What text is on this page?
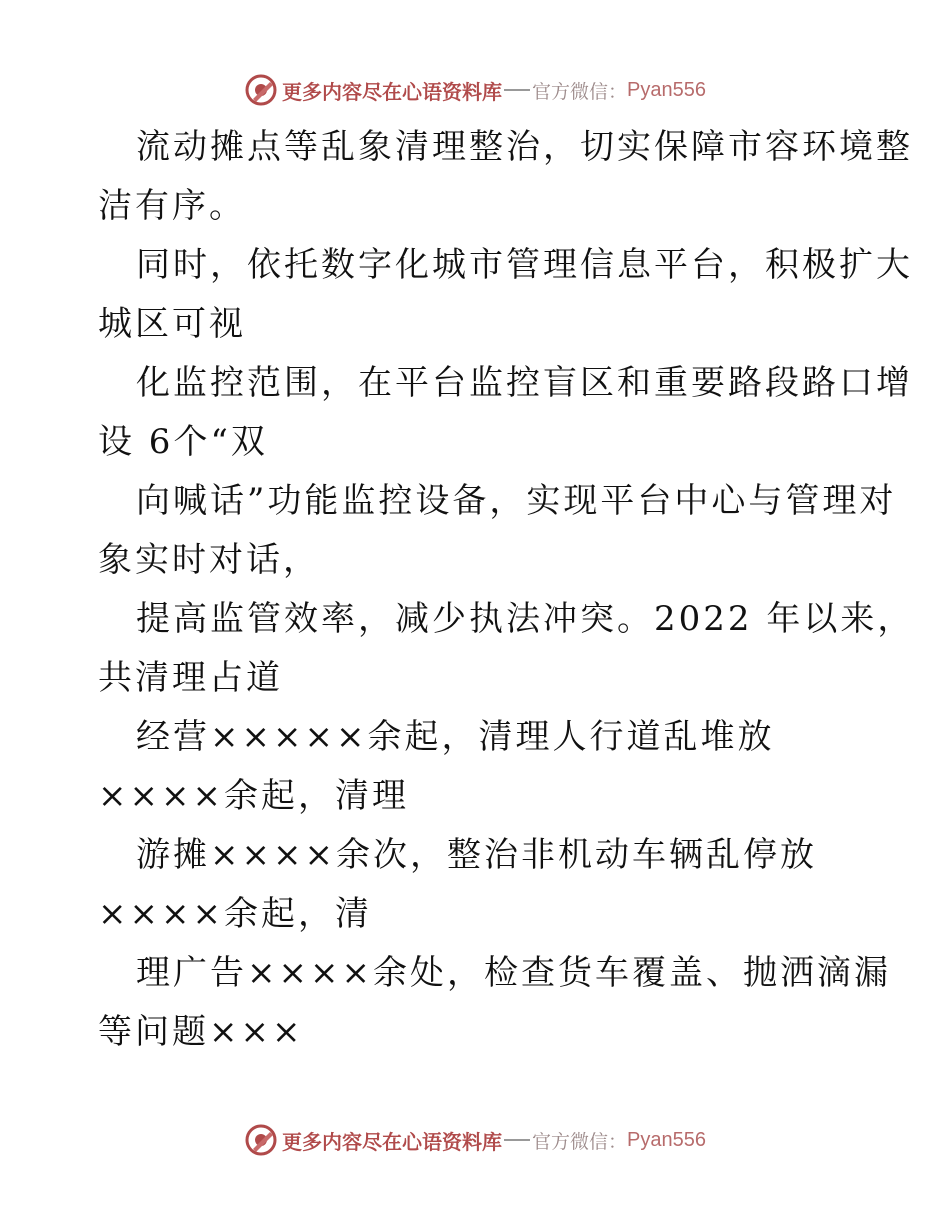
更多内容尽在心语资料库 官方微信： Pyan556

流动摊点等乱象清理整治，切实保障市容环境整

洁有序。

同时，依托数字化城市管理信息平台，积极扩大

城区可视

化监控范围，在平台监控盲区和重要路段路口增

设 6个“双

向喊话”功能监控设备，实现平台中心与管理对

象实时对话，

提高监管效率，减少执法冲突。2022 年以来，

共清理占道

经营×××××余起，清理人行道乱堆放

××××余起，清理

游摊××××余次，整治非机动车辆乱停放

××××余起，清

理广告××××余处，检查货车覆盖、抛洒滴漏

等问题×××

更多内容尽在心语资料库 官方微信： Pyan556
